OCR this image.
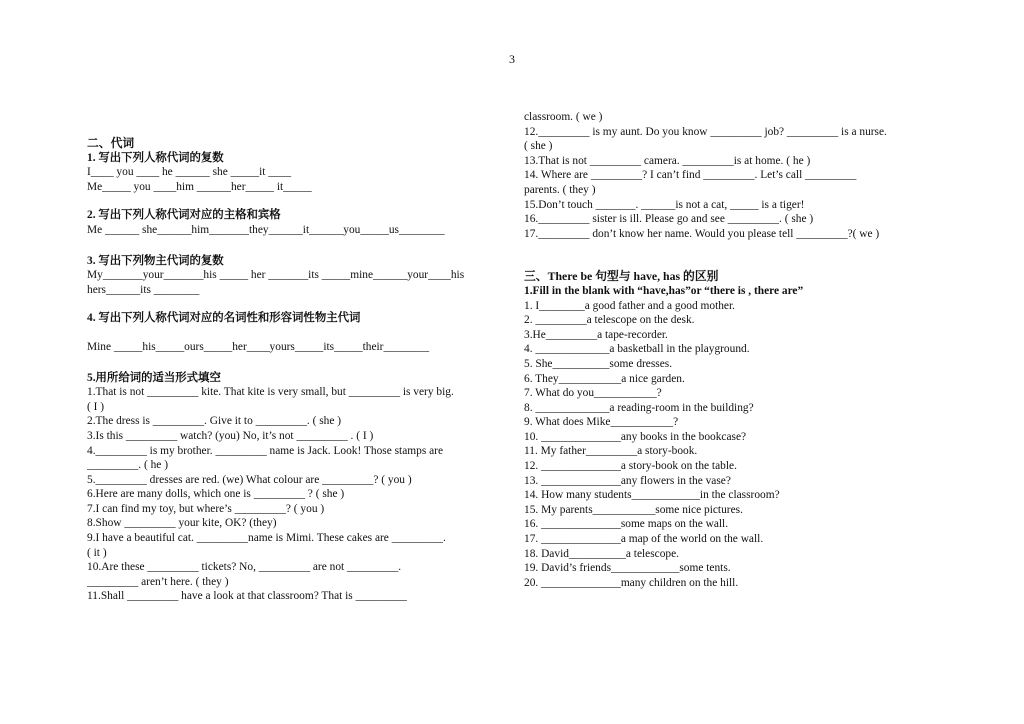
3
二、代词
1. 写出下列人称代词的复数
I____ you ____ he ______ she _____it ____
Me_____ you ____him ______her_____ it_____
2. 写出下列人称代词对应的主格和宾格
Me ______ she______him_______they______it______you_____us________
3. 写出下列物主代词的复数
My_______your_______his _____ her _______its _____mine______your____his
hers______its ________
4. 写出下列人称代词对应的名词性和形容词性物主代词
Mine _____his_____ours_____her____yours_____its_____their________
5.用所给词的适当形式填空
1.That is not _________ kite. That kite is very small, but _________ is very big.
( I )
2.The dress is _________. Give it to _________. ( she )
3.Is this _________ watch? (you) No, it’s not _________ . ( I )
4._________ is my brother. _________ name is Jack. Look! Those stamps are
_________. ( he )
5._________ dresses are red. (we) What colour are _________? ( you )
6.Here are many dolls, which one is _________ ? ( she )
7.I can find my toy, but where’s _________? ( you )
8.Show _________ your kite, OK? (they)
9.I have a beautiful cat. _________name is Mimi. These cakes are _________.
( it )
10.Are these _________ tickets? No, _________ are not _________.
_________ aren’t here. ( they )
11.Shall _________ have a look at that classroom? That is _________
classroom. ( we )
12._________ is my aunt. Do you know _________ job? _________ is a nurse.
( she )
13.That is not _________ camera. _________is at home. ( he )
14. Where are _________? I can’t find _________. Let’s call _________
parents. ( they )
15.Don’t touch _______. ______is not a cat, _____ is a tiger!
16._________ sister is ill. Please go and see _________. ( she )
17._________ don’t know her name. Would you please tell _________?( we )
三、There be 句型与 have, has 的区别
1.Fill in the blank with “have,has”or “there is , there are”
1. I________a good father and a good mother.
2. _________a telescope on the desk.
3.He_________a tape-recorder.
4. _____________a basketball in the playground.
5. She__________some dresses.
6. They___________a nice garden.
7. What do you___________?
8. _____________a reading-room in the building?
9. What does Mike___________?
10. ______________any books in the bookcase?
11. My father_________a story-book.
12. ______________a story-book on the table.
13. ______________any flowers in the vase?
14. How many students____________in the classroom?
15. My parents___________some nice pictures.
16. ______________some maps on the wall.
17. ______________a map of the world on the wall.
18. David__________a telescope.
19. David’s friends____________some tents.
20. ______________many children on the hill.
